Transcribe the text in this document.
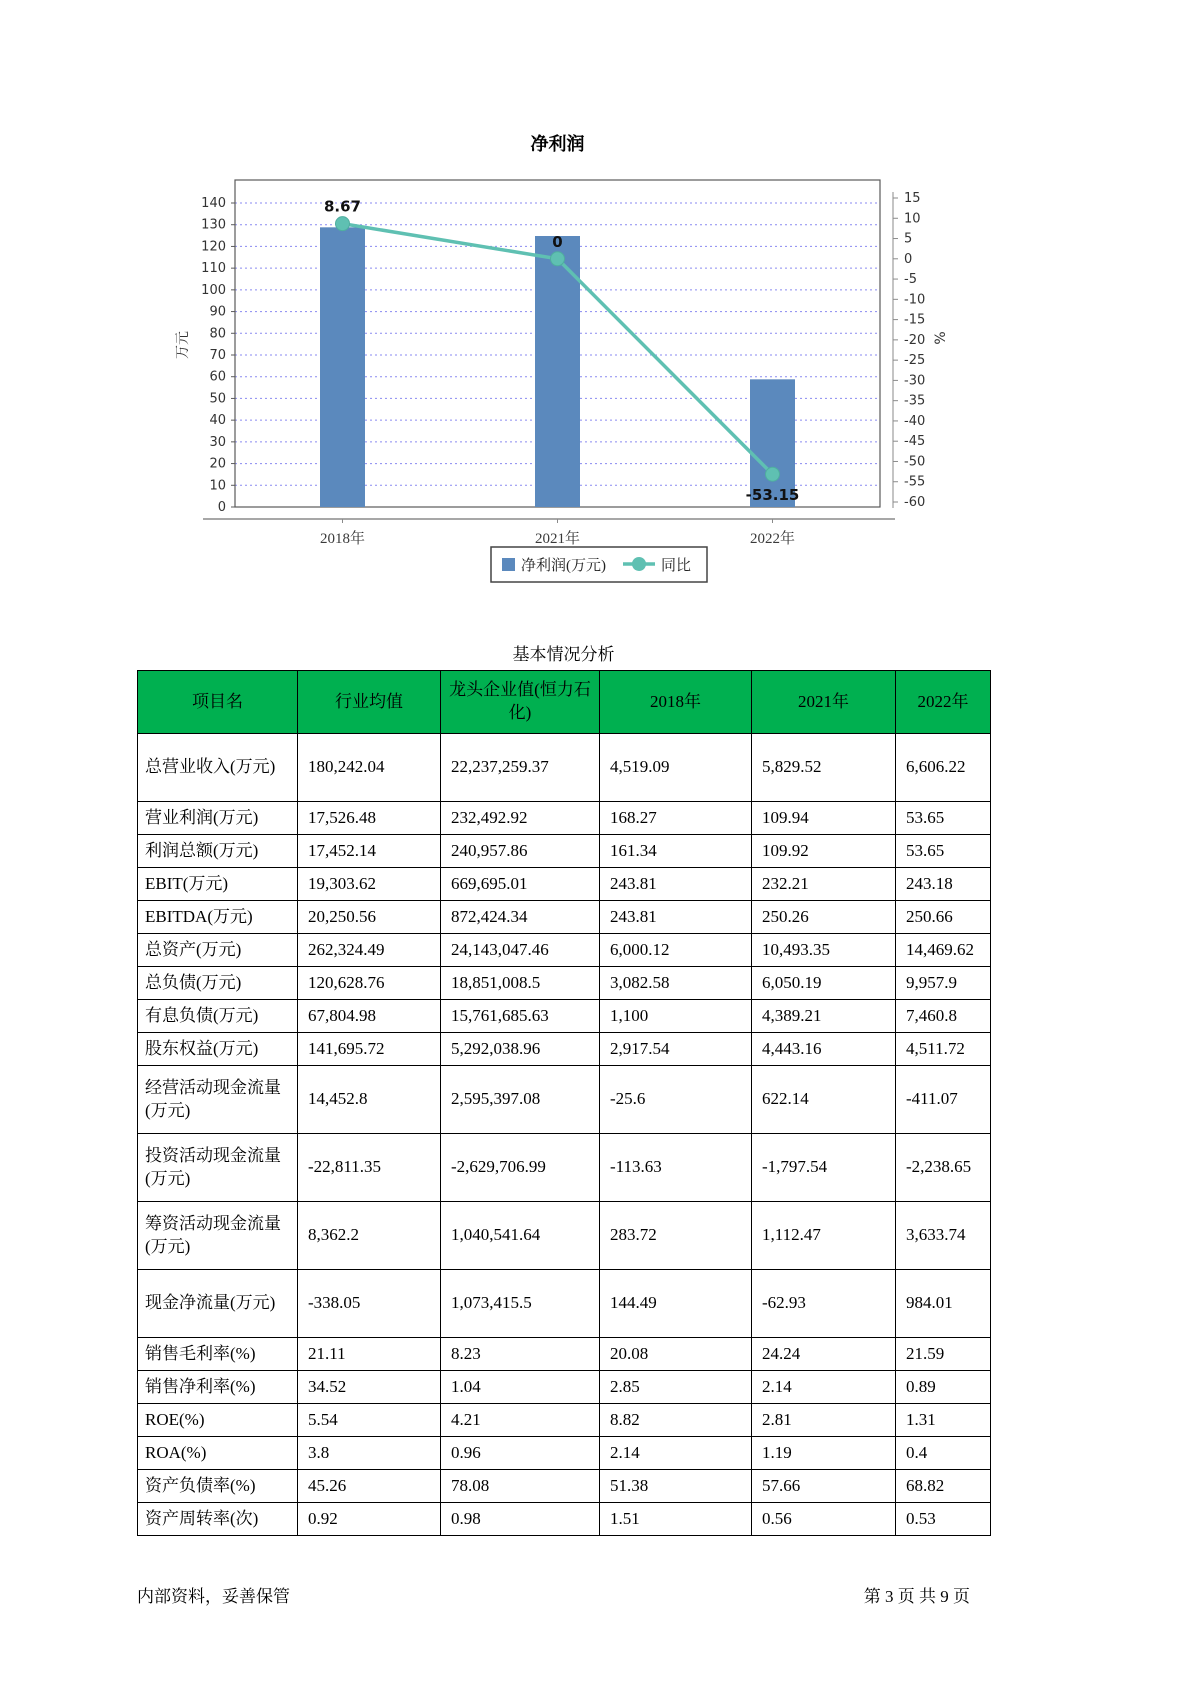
8.67
0
-53.15
0
10
20
30
40
50
60
70
80
90
100
110
120
130
140
万元
15
10
5
0
-5
-10
-15
-20
-25
-30
-35
-40
-45
-50
-55
-60
%
2018年	2021年	2022年
净利润
净利润(万元)	同比
基本情况分析
项目名	行业均值	龙头企业值(恒力石化)	2018年	2021年	2022年
总营业收入(万元)	180,242.04	22,237,259.37	4,519.09	5,829.52	6,606.22
营业利润(万元)	17,526.48	232,492.92	168.27	109.94	53.65
利润总额(万元)	17,452.14	240,957.86	161.34	109.92	53.65
EBIT(万元)	19,303.62	669,695.01	243.81	232.21	243.18
EBITDA(万元)	20,250.56	872,424.34	243.81	250.26	250.66
总资产(万元)	262,324.49	24,143,047.46	6,000.12	10,493.35	14,469.62
总负债(万元)	120,628.76	18,851,008.5	3,082.58	6,050.19	9,957.9
有息负债(万元)	67,804.98	15,761,685.63	1,100	4,389.21	7,460.8
股东权益(万元)	141,695.72	5,292,038.96	2,917.54	4,443.16	4,511.72
经营活动现金流量(万元)	14,452.8	2,595,397.08	-25.6	622.14	-411.07
投资活动现金流量(万元)	-22,811.35	-2,629,706.99	-113.63	-1,797.54	-2,238.65
筹资活动现金流量(万元)	8,362.2	1,040,541.64	283.72	1,112.47	3,633.74
现金净流量(万元)	-338.05	1,073,415.5	144.49	-62.93	984.01
销售毛利率(%)	21.11	8.23	20.08	24.24	21.59
销售净利率(%)	34.52	1.04	2.85	2.14	0.89
ROE(%)	5.54	4.21	8.82	2.81	1.31
ROA(%)	3.8	0.96	2.14	1.19	0.4
资产负债率(%)	45.26	78.08	51.38	57.66	68.82
资产周转率(次)	0.92	0.98	1.51	0.56	0.53
内部资料，妥善保管	第 3 页 共 9 页
